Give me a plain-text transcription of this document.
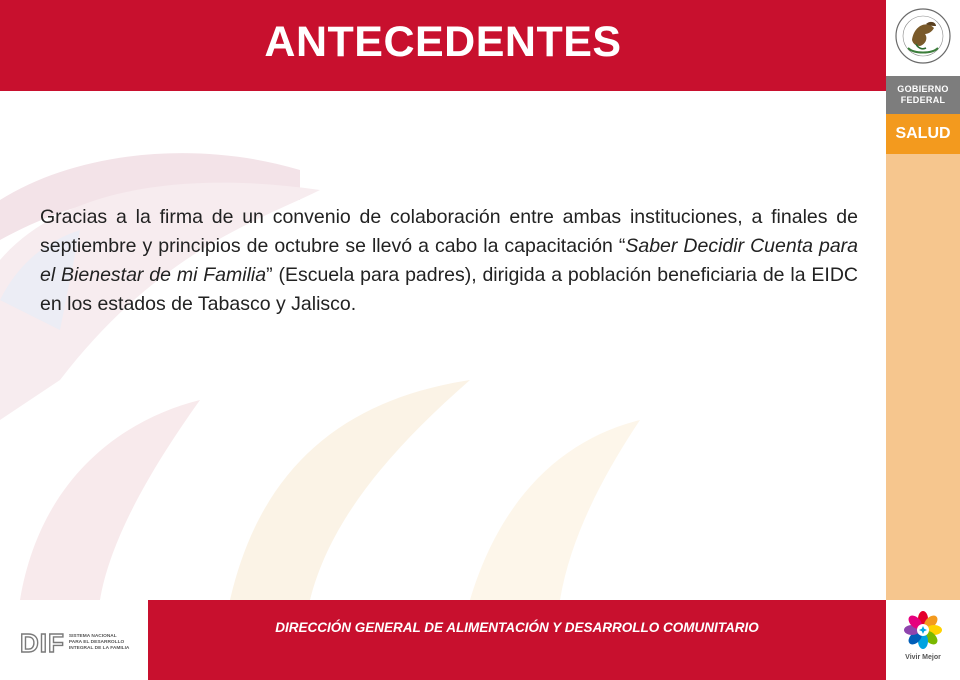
ANTECEDENTES
GOBIERNO
FEDERAL
SALUD

Gracias a la firma de un convenio de colaboración entre ambas instituciones, a finales de septiembre y principios de octubre se llevó a cabo la capacitación “Saber Decidir Cuenta para el Bienestar de mi Familia” (Escuela para padres), dirigida a población beneficiaria de la EIDC en los estados de Tabasco y Jalisco.

DIRECCIÓN GENERAL DE ALIMENTACIÓN Y DESARROLLO COMUNITARIO
DIF SISTEMA NACIONAL
PARA EL DESARROLLO
INTEGRAL DE LA FAMILIA
Vivir Mejor
